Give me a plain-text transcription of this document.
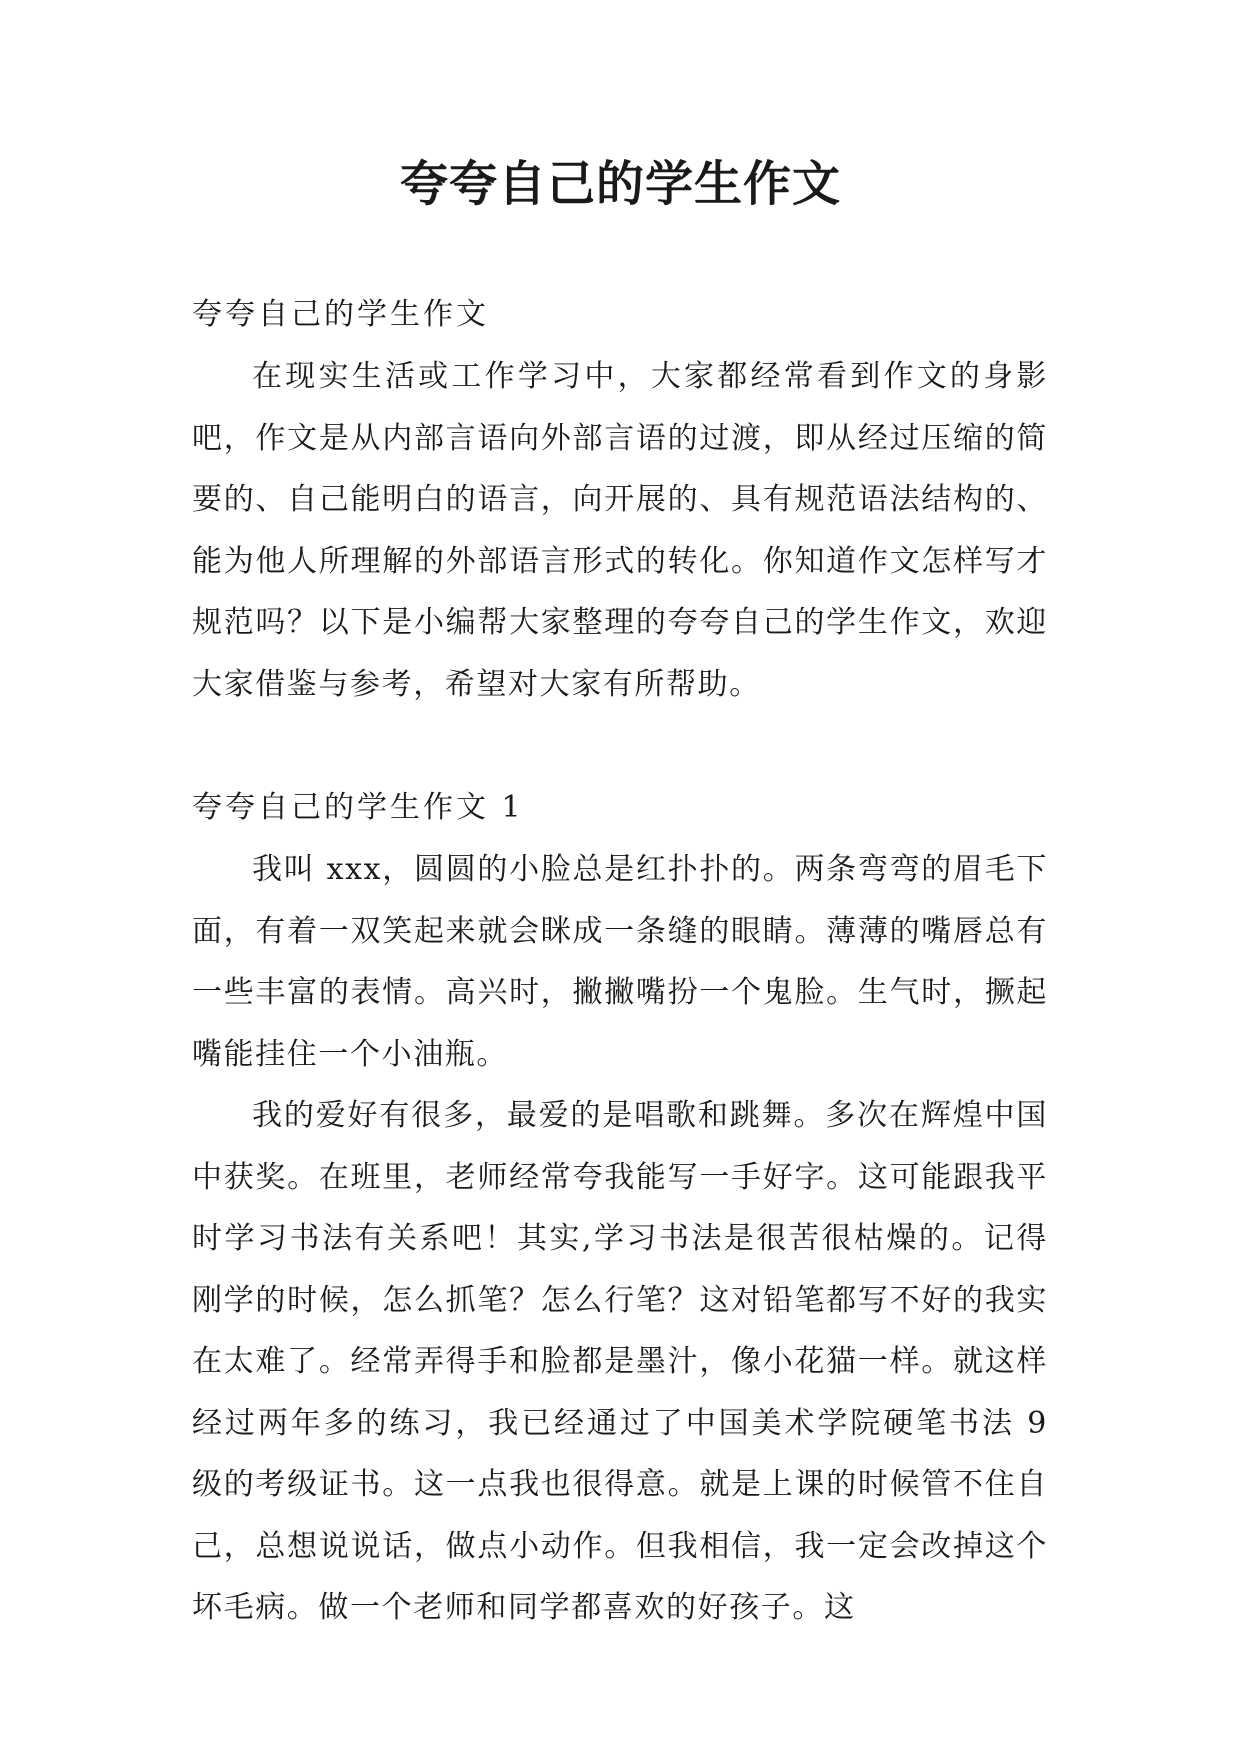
夸夸自己的学生作文

夸夸自己的学生作文

在现实生活或工作学习中，大家都经常看到作文的身影吧，作文是从内部言语向外部言语的过渡，即从经过压缩的简要的、自己能明白的语言，向开展的、具有规范语法结构的、能为他人所理解的外部语言形式的转化。你知道作文怎样写才规范吗？以下是小编帮大家整理的夸夸自己的学生作文，欢迎大家借鉴与参考，希望对大家有所帮助。

夸夸自己的学生作文 1

我叫 xxx，圆圆的小脸总是红扑扑的。两条弯弯的眉毛下面，有着一双笑起来就会眯成一条缝的眼睛。薄薄的嘴唇总有一些丰富的表情。高兴时，撇撇嘴扮一个鬼脸。生气时，撅起嘴能挂住一个小油瓶。

我的爱好有很多，最爱的是唱歌和跳舞。多次在辉煌中国中获奖。在班里，老师经常夸我能写一手好字。这可能跟我平时学习书法有关系吧！其实,学习书法是很苦很枯燥的。记得刚学的时候，怎么抓笔？怎么行笔？这对铅笔都写不好的我实在太难了。经常弄得手和脸都是墨汁，像小花猫一样。就这样经过两年多的练习，我已经通过了中国美术学院硬笔书法 9 级的考级证书。这一点我也很得意。就是上课的时候管不住自己，总想说说话，做点小动作。但我相信，我一定会改掉这个坏毛病。做一个老师和同学都喜欢的好孩子。这
